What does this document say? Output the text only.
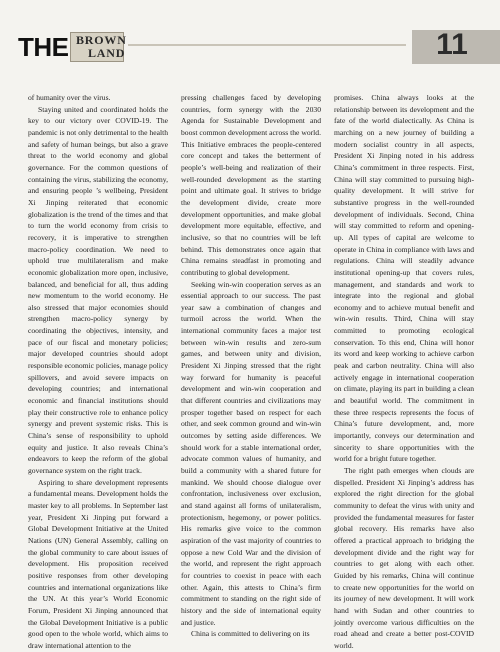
THE BROWN
LAND	11

of humanity over the virus.

Staying united and coordinated holds the key to our victory over COVID-19. The pandemic is not only detrimental to the health and safety of human beings, but also a grave threat to the world economy and global governance. For the common questions of containing the virus, stabilizing the economy, and ensuring people ’s wellbeing, President Xi Jinping reiterated that economic globalization is the trend of the times and that to turn the world economy from crisis to recovery, it is imperative to strengthen macro-policy coordination. We need to uphold true multilateralism and make economic globalization more open, inclusive, balanced, and beneficial for all, thus adding new momentum to the world economy. He also stressed that major economies should strengthen macro-policy synergy by coordinating the objectives, intensity, and pace of our fiscal and monetary policies; major developed countries should adopt responsible economic policies, manage policy spillovers, and avoid severe impacts on developing countries; and international economic and financial institutions should play their constructive role to enhance policy synergy and prevent systemic risks. This is China’s sense of responsibility to uphold equity and justice. It also reveals China’s endeavors to keep the reform of the global governance system on the right track.

Aspiring to share development represents a fundamental means. Development holds the master key to all problems. In September last year, President Xi Jinping put forward a Global Development Initiative at the United Nations (UN) General Assembly, calling on the global community to care about issues of development. His proposition received positive responses from other developing countries and international organizations like the UN. At this year’s World Economic Forum, President Xi Jinping announced that the Global Development Initiative is a public good open to the whole world, which aims to draw international attention to the

pressing challenges faced by developing countries, form synergy with the 2030 Agenda for Sustainable Development and boost common development across the world. This Initiative embraces the people-centered core concept and takes the betterment of people’s well-being and realization of their well-rounded development as the starting point and ultimate goal. It strives to bridge the development divide, create more development opportunities, and make global development more equitable, effective, and inclusive, so that no countries will be left behind. This demonstrates once again that China remains steadfast in promoting and contributing to global development.

Seeking win-win cooperation serves as an essential approach to our success. The past year saw a combination of changes and turmoil across the world. When the international community faces a major test between win-win results and zero-sum games, and between unity and division, President Xi Jinping stressed that the right way forward for humanity is peaceful development and win-win cooperation and that different countries and civilizations may prosper together based on respect for each other, and seek common ground and win-win outcomes by setting aside differences. We should work for a stable international order, advocate common values of humanity, and build a community with a shared future for mankind. We should choose dialogue over confrontation, inclusiveness over exclusion, and stand against all forms of unilateralism, protectionism, hegemony, or power politics. His remarks give voice to the common aspiration of the vast majority of countries to oppose a new Cold War and the division of the world, and represent the right approach for countries to coexist in peace with each other. Again, this attests to China’s firm commitment to standing on the right side of history and the side of international equity and justice.

China is committed to delivering on its

promises. China always looks at the relationship between its development and the fate of the world dialectically. As China is marching on a new journey of building a modern socialist country in all aspects, President Xi Jinping noted in his address China’s commitment in three respects. First, China will stay committed to pursuing high-quality development. It will strive for substantive progress in the well-rounded development of individuals. Second, China will stay committed to reform and opening-up. All types of capital are welcome to operate in China in compliance with laws and regulations. China will steadily advance institutional opening-up that covers rules, management, and standards and work to integrate into the regional and global economy and to achieve mutual benefit and win-win results. Third, China will stay committed to promoting ecological conservation. To this end, China will honor its word and keep working to achieve carbon peak and carbon neutrality. China will also actively engage in international cooperation on climate, playing its part in building a clean and beautiful world. The commitment in these three respects represents the focus of China’s future development, and, more importantly, conveys our determination and sincerity to share opportunities with the world for a bright future together.

The right path emerges when clouds are dispelled. President Xi Jinping’s address has explored the right direction for the global community to defeat the virus with unity and provided the fundamental measures for faster global recovery. His remarks have also offered a practical approach to bridging the development divide and the right way for countries to get along with each other. Guided by his remarks, China will continue to create new opportunities for the world on its journey of new development. It will work hand with Sudan and other countries to jointly overcome various difficulties on the road ahead and create a better post-COVID world.
